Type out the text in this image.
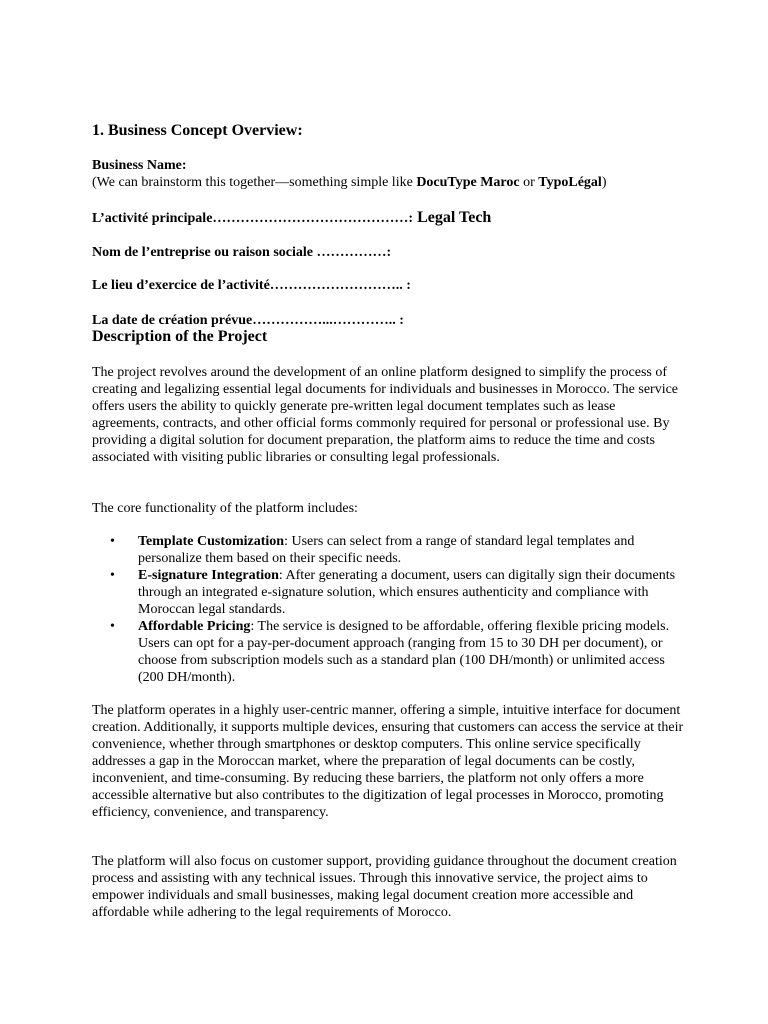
1. Business Concept Overview:
Business Name:
(We can brainstorm this together—something simple like DocuType Maroc or TypoLégal)
L’activité principale……………………………………: Legal Tech
Nom de l’entreprise ou raison sociale ……………:
Le lieu d’exercice de l’activité……………………….. :
La date de création prévue……………...………….. :
Description of the Project
The project revolves around the development of an online platform designed to simplify the process of creating and legalizing essential legal documents for individuals and businesses in Morocco. The service offers users the ability to quickly generate pre-written legal document templates such as lease agreements, contracts, and other official forms commonly required for personal or professional use. By providing a digital solution for document preparation, the platform aims to reduce the time and costs associated with visiting public libraries or consulting legal professionals.
The core functionality of the platform includes:
• Template Customization: Users can select from a range of standard legal templates and personalize them based on their specific needs.
• E-signature Integration: After generating a document, users can digitally sign their documents through an integrated e-signature solution, which ensures authenticity and compliance with Moroccan legal standards.
• Affordable Pricing: The service is designed to be affordable, offering flexible pricing models. Users can opt for a pay-per-document approach (ranging from 15 to 30 DH per document), or choose from subscription models such as a standard plan (100 DH/month) or unlimited access (200 DH/month).
The platform operates in a highly user-centric manner, offering a simple, intuitive interface for document creation. Additionally, it supports multiple devices, ensuring that customers can access the service at their convenience, whether through smartphones or desktop computers. This online service specifically addresses a gap in the Moroccan market, where the preparation of legal documents can be costly, inconvenient, and time-consuming. By reducing these barriers, the platform not only offers a more accessible alternative but also contributes to the digitization of legal processes in Morocco, promoting efficiency, convenience, and transparency.
The platform will also focus on customer support, providing guidance throughout the document creation process and assisting with any technical issues. Through this innovative service, the project aims to empower individuals and small businesses, making legal document creation more accessible and affordable while adhering to the legal requirements of Morocco.
